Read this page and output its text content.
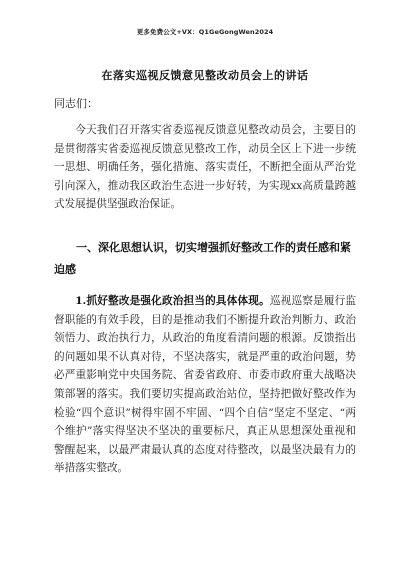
更多免费公文+VX：Q1GeGongWen2024
在落实巡视反馈意见整改动员会上的讲话
同志们：

今天我们召开落实省委巡视反馈意见整改动员会，主要目的是贯彻落实省委巡视反馈意见整改工作，动员全区上下进一步统一思想、明确任务，强化措施、落实责任，不断把全面从严治党引向深入，推动我区政治生态进一步好转，为实现xx高质量跨越式发展提供坚强政治保证。

一、深化思想认识，切实增强抓好整改工作的责任感和紧迫感

1.抓好整改是强化政治担当的具体体现。巡视巡察是履行监督职能的有效手段，目的是推动我们不断提升政治判断力、政治领悟力、政治执行力，从政治的角度看清问题的根源。反馈指出的问题如果不认真对待，不坚决落实，就是严重的政治问题，势必严重影响党中央国务院、省委省政府、市委市政府重大战略决策部署的落实。我们要切实提高政治站位，坚持把做好整改作为检验“四个意识”树得牢固不牢固、“四个自信”坚定不坚定、“两个维护”落实得坚决不坚决的重要标尺，真正从思想深处重视和警醒起来，以最严肃最认真的态度对待整改，以最坚决最有力的举措落实整改。
